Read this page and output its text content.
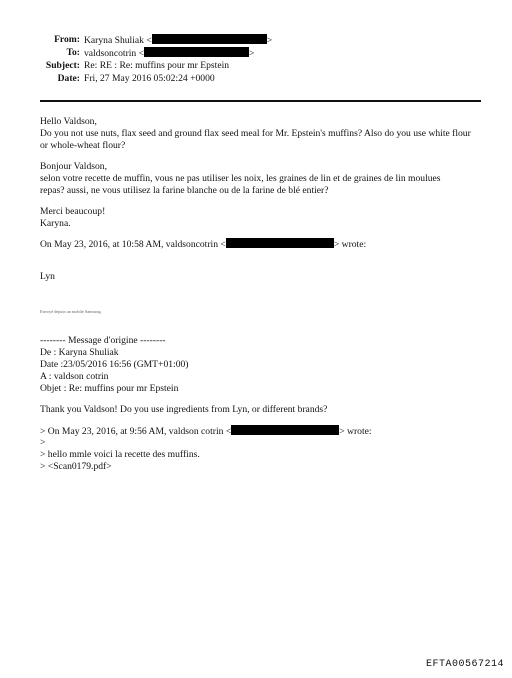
From: Karyna Shuliak <	>
To: valdsoncotrin <	>
Subject: Re: RE : Re: muffins pour mr Epstein
Date: Fri, 27 May 2016 05:02:24 +0000
Hello Valdson,
Do you not use nuts, flax seed and ground flax seed meal for Mr. Epstein's muffins? Also do you use white flour
or whole-wheat flour?
Bonjour Valdson,
selon votre recette de muffin, vous ne pas utiliser les noix, les graines de lin et de graines de lin moulues
repas? aussi, ne vous utilisez la farine blanche ou de la farine de blé entier?
Merci beaucoup!
Karyna.
On May 23, 2016, at 10:58 AM, valdsoncotrin <	> wrote:
Lyn
Envoyé depuis un mobile Samsung.
-------- Message d'origine --------
De : Karyna Shuliak
Date :23/05/2016 16:56 (GMT+01:00)
A : valdson cotrin
Objet : Re: muffins pour mr Epstein
Thank you Valdson! Do you use ingredients from Lyn, or different brands?
> On May 23, 2016, at 9:56 AM, valdson cotrin <	> wrote:
>
> hello mmle voici la recette des muffins.
> <Scan0179.pdf>
EFTA00567214
